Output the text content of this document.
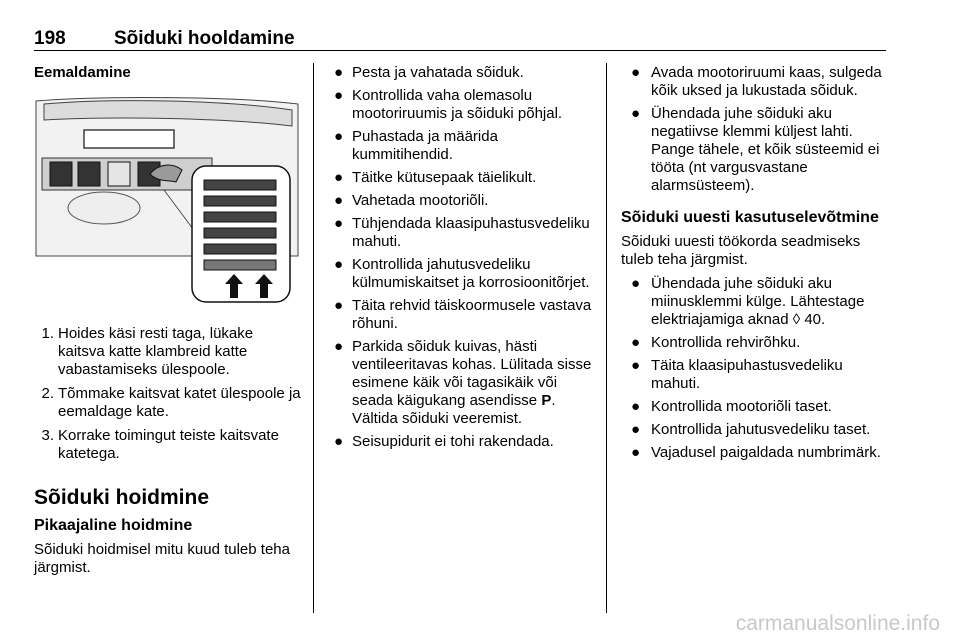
198	Sõiduki hooldamine
Eemaldamine
1 . Hoides käsi resti taga, lükake kaitsva katte klambreid katte vabastamiseks ülespoole.
2 . Tõmmake kaitsvat katet ülespoole ja eemaldage kate.
3 . Korrake toimingut teiste kaitsvate katetega.
Sõiduki hoidmine
Pikaajaline hoidmine
Sõiduki hoidmisel mitu kuud tuleb teha järgmist.
● Pesta ja vahatada sõiduk.
● Kontrollida vaha olemasolu mootoriruumis ja sõiduki põhjal.
● Puhastada ja määrida kummitihendid.
● Täitke kütusepaak täielikult.
● Vahetada mootoriõli.
● Tühjendada klaasipuhastusvedeliku mahuti.
● Kontrollida jahutusvedeliku külmumiskaitset ja korrosioonitõrjet.
● Täita rehvid täiskoormusele vastava rõhuni.
● Parkida sõiduk kuivas, hästi ventileeritavas kohas. Lülitada sisse esimene käik või tagasikäik või seada käigukang asendisse P. Vältida sõiduki veeremist.
● Seisupidurit ei tohi rakendada.
● Avada mootoriruumi kaas, sulgeda kõik uksed ja lukustada sõiduk.
● Ühendada juhe sõiduki aku negatiivse klemmi küljest lahti. Pange tähele, et kõik süsteemid ei tööta (nt vargusvastane alarmsüsteem).
Sõiduki uuesti kasutuselevõtmine
Sõiduki uuesti töökorda seadmiseks tuleb teha järgmist.
● Ühendada juhe sõiduki aku miinusklemmi külge. Lähtestage elektriajamiga aknad ◊ 40.
● Kontrollida rehvirõhku.
● Täita klaasipuhastusvedeliku mahuti.
● Kontrollida mootoriõli taset.
● Kontrollida jahutusvedeliku taset.
● Vajadusel paigaldada numbrimärk.
carmanualsonline.info
